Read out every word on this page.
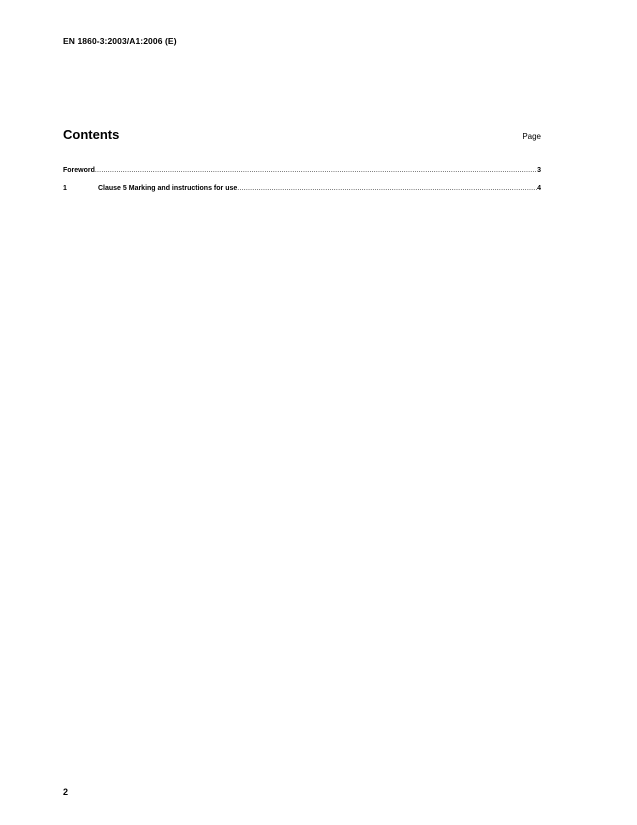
EN 1860-3:2003/A1:2006 (E)
Contents	Page
Foreword .....	3
1	Clause 5 Marking and instructions for use .....	4
2
